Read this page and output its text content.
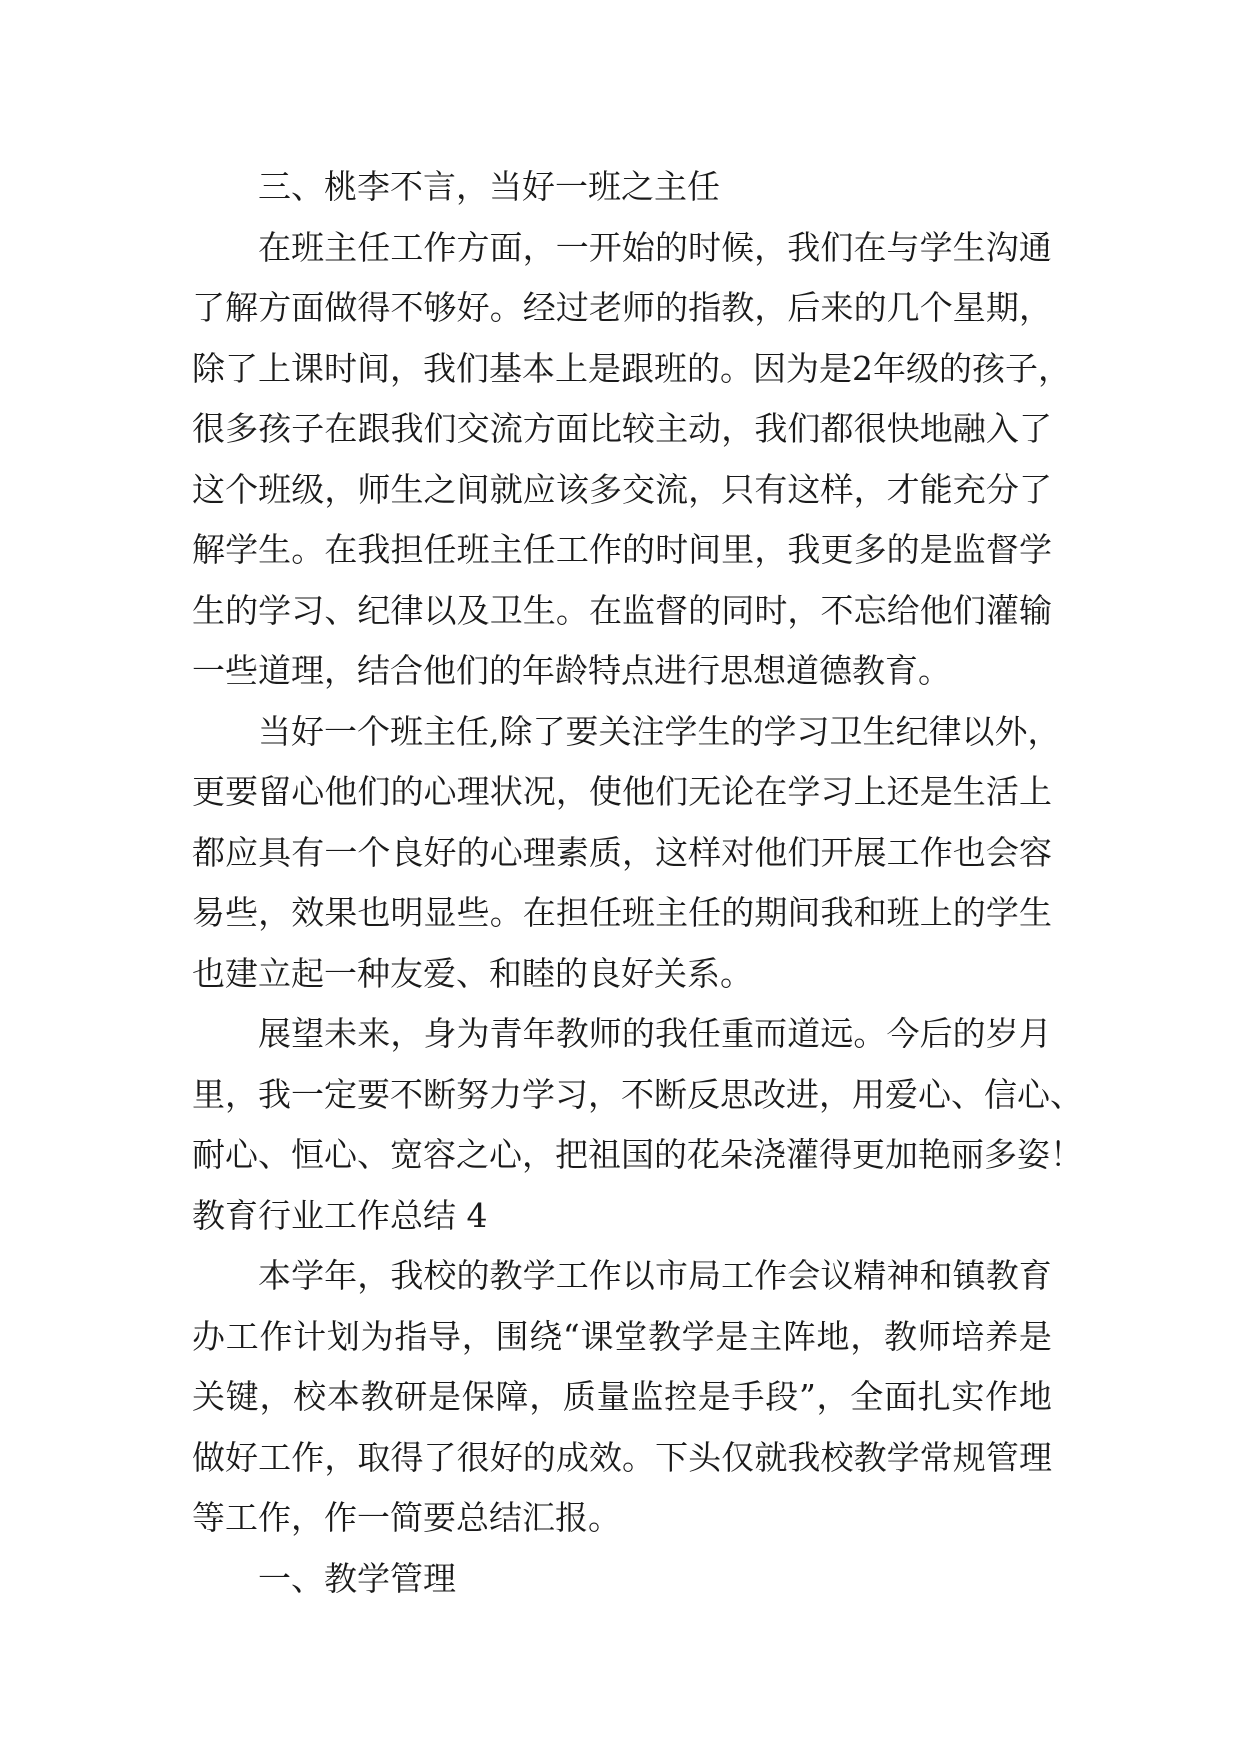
三、桃李不言，当好一班之主任
在 班 主 任 工 作 方 面 ， 一 开 始 的 时 候 ， 我 们 在 与 学 生 沟 通
了 解 方 面 做 得 不 够 好 。 经 过 老 师 的 指 教 ， 后 来 的 几 个 星 期 ，
除 了 上 课 时 间 ， 我 们 基 本 上 是 跟 班 的 。 因 为 是 2 年 级 的 孩 子 ，
很 多 孩 子 在 跟 我 们 交 流 方 面 比 较 主 动 ， 我 们 都 很 快 地 融 入 了
这 个 班 级 ， 师 生 之 间 就 应 该 多 交 流 ， 只 有 这 样 ， 才 能 充 分 了
解 学 生 。 在 我 担 任 班 主 任 工 作 的 时 间 里 ， 我 更 多 的 是 监 督 学
生 的 学 习 、 纪 律 以 及 卫 生 。 在 监 督 的 同 时 ， 不 忘 给 他 们 灌 输
一些道理，结合他们的年龄特点进行思想道德教育。
当 好 一 个 班 主 任 , 除 了 要 关 注 学 生 的 学 习 卫 生 纪 律 以 外 ，
更 要 留 心 他 们 的 心 理 状 况 ， 使 他 们 无 论 在 学 习 上 还 是 生 活 上
都 应 具 有 一 个 良 好 的 心 理 素 质 ， 这 样 对 他 们 开 展 工 作 也 会 容
易 些 ， 效 果 也 明 显 些 。 在 担 任 班 主 任 的 期 间 我 和 班 上 的 学 生
也建立起一种友爱、和睦的良好关系。
展 望 未 来 ， 身 为 青 年 教 师 的 我 任 重 而 道 远 。 今 后 的 岁 月
里 ， 我 一 定 要 不 断 努 力 学 习 ， 不 断 反 思 改 进 ， 用 爱 心 、 信 心 、
耐 心 、 恒 心 、 宽 容 之 心 ， 把 祖 国 的 花 朵 浇 灌 得 更 加 艳 丽 多 姿 ！
教育行业工作总结 4
本 学 年 ， 我 校 的 教 学 工 作 以 市 局 工 作 会 议 精 神 和 镇 教 育
办 工 作 计 划 为 指 导 ， 围 绕 “ 课 堂 教 学 是 主 阵 地 ， 教 师 培 养 是
关 键 ， 校 本 教 研 是 保 障 ， 质 量 监 控 是 手 段 ” ， 全 面 扎 实 作 地
做 好 工 作 ， 取 得 了 很 好 的 成 效 。 下 头 仅 就 我 校 教 学 常 规 管 理
等工作，作一简要总结汇报。
一、教学管理
